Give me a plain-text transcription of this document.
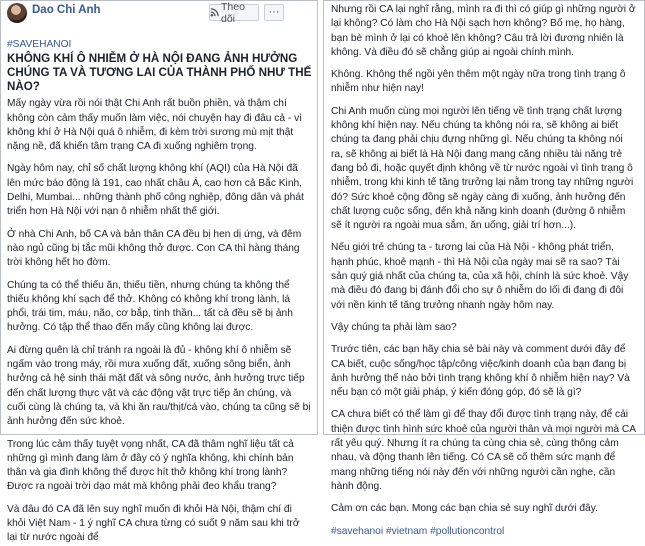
Dao Chi Anh	Theo dõi
···

#SAVEHANOI

KHÔNG KHÍ Ô NHIỄM Ở HÀ NỘI ĐANG ẢNH HƯỞNG CHÚNG TA VÀ TƯƠNG LAI CỦA THÀNH PHỐ NHƯ THẾ NÀO?

Mấy ngày vừa rồi nói thật Chi Anh rất buồn phiền, và thậm chí không còn cảm thấy muốn làm việc, nói chuyện hay đi đâu cả - vì không khí ở Hà Nội quá ô nhiễm, đi kèm trời sương mù mịt thật nặng nề, đã khiến tâm trạng CA đi xuống nghiêm trọng.

Ngày hôm nay, chỉ số chất lượng không khí (AQI) của Hà Nội đã lên mức báo động là 191, cao nhất châu Á, cao hơn cả Bắc Kinh, Delhi, Mumbai... những thành phố công nghiệp, đông dân và phát triển hơn Hà Nội với nạn ô nhiễm nhất thế giới.

Ở nhà Chi Anh, bố CA và bản thân CA đều bị hen dị ứng, và đêm nào ngủ cũng bị tắc mũi không thở được. Con CA thì hàng tháng trời không hết ho đờm.

Chúng ta có thể thiếu ăn, thiếu tiền, nhưng chúng ta không thể thiếu không khí sạch để thở. Không có không khí trong lành, lá phổi, trái tim, máu, não, cơ bắp, tinh thần... tất cả đều sẽ bị ảnh hưởng. Có tập thể thao đến mấy cũng không lại được.

Ai đừng quên là chỉ tránh ra ngoài là đủ - không khí ô nhiễm sẽ ngấm vào trong máy, rồi mưa xuống đất, xuống sông biển, ảnh hưởng cả hệ sinh thái mặt đất và sông nước, ảnh hưởng trực tiếp đến chất lượng thực vật và các động vật trực tiếp ăn chúng, và cuối cùng là chúng ta, và khi ăn rau/thịt/cá vào, chúng ta cũng sẽ bị ảnh hưởng đến sức khoẻ.

Trong lúc cảm thấy tuyệt vọng nhất, CA đã thâm nghĩ liệu tất cả những gì mình đang làm ở đây có ý nghĩa không, khi chính bản thân và gia đình không thể được hít thở không khí trong lành? Được ra ngoài trời dạo mát mà không phải đeo khẩu trang?

Và đâu đó CA đã lên suy nghĩ muốn đi khỏi Hà Nội, thậm chí đi khỏi Việt Nam - 1 ý nghĩ CA chưa từng có suốt 9 năm sau khi trở lại từ nước ngoài để

Nhưng rồi CA lại nghĩ rằng, mình ra đi thì có giúp gì những người ở lại không? Có làm cho Hà Nội sạch hơn không? Bố mẹ, họ hàng, bạn bè mình ở lại có khoẻ lên không? Câu trả lời đương nhiên là không. Và điều đó sẽ chẳng giúp ai ngoài chính mình.

Không. Không thể ngồi yên thêm một ngày nữa trong tình trạng ô nhiễm như hiện nay!

Chi Anh muốn cùng mọi người lên tiếng về tình trạng chất lượng không khí hiện nay. Nếu chúng ta không nói ra, sẽ không ai biết chúng ta đang phải chịu đựng những gì. Nếu chúng ta không nói ra, sẽ không ai biết là Hà Nội đang mang căng nhiều tài năng trẻ đang bỏ đi, hoặc quyết định không về từ nước ngoài vì tình trạng ô nhiễm, trong khi kinh tế tăng trưởng lại nằm trong tay những người đó? Sức khoẻ cộng đồng sẽ ngày càng đi xuống, ảnh hưởng đến chất lượng cuộc sống, đến khả năng kinh doanh (đường ô nhiễm sẽ ít người ra ngoài mua sắm, ăn uống, giải trí hơn...).

Nếu giới trẻ chúng ta - tương lai của Hà Nội - không phát triển, hạnh phúc, khoẻ mạnh - thì Hà Nội của ngày mai sẽ ra sao? Tài sản quý giá nhất của chúng ta, của xã hội, chính là sức khoẻ. Vậy mà điều đó đang bị đánh đổi cho sự ô nhiễm do lối đi đang đi đôi với nền kinh tế tăng trưởng nhanh ngày hôm nay.

Vậy chúng ta phải làm sao?

Trước tiên, các bạn hãy chia sẻ bài này và comment dưới đây để CA biết, cuộc sống/học tập/công việc/kinh doanh của bạn đang bị ảnh hưởng thế nào bởi tình trạng không khí ô nhiễm hiện nay? Và nếu bạn có một giải pháp, ý kiến đóng góp, đó sẽ là gì?

CA chưa biết có thể làm gì để thay đổi được tình trạng này, để cải thiện được tình hình sức khoẻ của người thân và mọi người mà CA rất yêu quý. Nhưng ít ra chúng ta cùng chia sẻ, cùng thông cảm nhau, và động thanh lên tiếng. Có CA sẽ cố thêm sức mạnh để mang những tiếng nói này đến với những người cần nghe, cần hành động.

Cảm ơn các bạn. Mong các bạn chia sẻ suy nghĩ dưới đây.

#savehanoi #vietnam #pollutioncontrol
